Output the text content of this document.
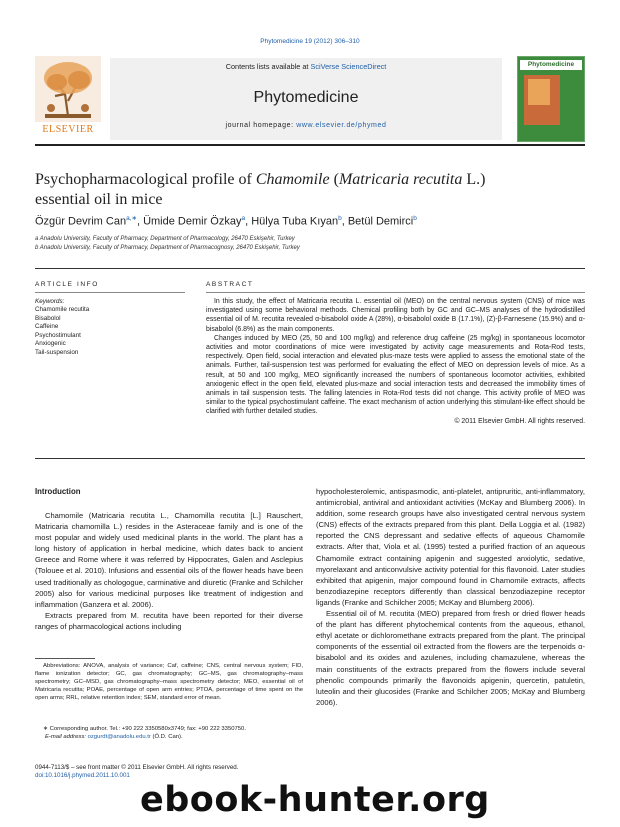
Phytomedicine 19 (2012) 306–310
Contents lists available at SciVerse ScienceDirect
Phytomedicine
journal homepage: www.elsevier.de/phymed
ELSEVIER
Phytomedicine
Psychopharmacological profile of Chamomile (Matricaria recutita L.)
essential oil in mice
Özgür Devrim Can$^{a,∗}$, Ümide Demir Özkay$^a$, Hülya Tuba Kıyan$^b$, Betül Demirci$^b$
a Anadolu University, Faculty of Pharmacy, Department of Pharmacology, 26470 Eskişehir, Turkey
b Anadolu University, Faculty of Pharmacy, Department of Pharmacognosy, 26470 Eskişehir, Turkey
ARTICLE INFO
Keywords:
Chamomile recutita
Bisabolol
Caffeine
Psychostimulant
Anxiogenic
Tail-suspension
ABSTRACT

In this study, the effect of Matricaria recutita L. essential oil (MEO) on the central nervous system (CNS) of mice was investigated using some behavioral methods. Chemical profiling both by GC and GC–MS analyses of the hydrodistilled essential oil of M. recutita revealed α-bisabolol oxide A (28%), α-bisabolol oxide B (17.1%), (Z)-β-Farnesene (15.9%) and α-bisabolol (6.8%) as the main components.

Changes induced by MEO (25, 50 and 100 mg/kg) and reference drug caffeine (25 mg/kg) in spontaneous locomotor activities and motor coordinations of mice were investigated by activity cage measurements and Rota-Rod tests, respectively. Open field, social interaction and elevated plus-maze tests were applied to assess the emotional state of the animals. Further, tail-suspension test was performed for evaluating the effect of MEO on depression levels of mice. As a result, at 50 and 100 mg/kg, MEO significantly increased the numbers of spontaneous locomotor activities, exhibited anxiogenic effect in the open field, elevated plus-maze and social interaction tests and decreased the immobility times of animals in tail suspension tests. The falling latencies in Rota-Rod tests did not change. This activity profile of MEO was similar to the typical psychostimulant caffeine. The exact mechanism of action underlying this stimulant-like effect should be clarified with further detailed studies.

© 2011 Elsevier GmbH. All rights reserved.
Introduction

Chamomile (Matricaria recutita L., Chamomilla recutita [L.] Rauschert, Matricaria chamomilla L.) resides in the Asteraceae family and is one of the most popular and widely used medicinal plants in the world. The plant has a long history of application in herbal medicine, which dates back to ancient Greece and Rome where it was referred by Hippocrates, Galen and Asclepius (Tolouee et al. 2010). Infusions and essential oils of the flower heads have been used traditionally as chologogue, carminative and diuretic (Franke and Schilcher 2005) also for various medicinal purposes like treatment of indigestion and inflammation (Ganzera et al. 2006).

Extracts prepared from M. recutita have been reported for their diverse ranges of pharmacological actions including

hypocholesterolemic, antispasmodic, anti-platelet, antipruritic, anti-inflammatory, antimicrobial, antiviral and antioxidant activities (McKay and Blumberg 2006). In addition, some research groups have also investigated central nervous system (CNS) effects of the extracts prepared from this plant. Della Loggia et al. (1982) reported the CNS depressant and sedative effects of aqueous Chamomile extracts. After that, Viola et al. (1995) tested a purified fraction of an aqueous Chamomile extract containing apigenin and suggested anxiolytic, sedative, myorelaxant and anticonvulsive activity potential for this flavonoid. Later studies exhibited that apigenin, major compound found in Chamomile extracts, affects benzodiazepine receptors differently than classical benzodiazepine receptor ligands (Franke and Schilcher 2005; McKay and Blumberg 2006).

Essential oil of M. recutita (MEO) prepared from fresh or dried flower heads of the plant has different phytochemical contents from the aqueous, ethanol, ethyl acetate or dichloromethane extracts prepared from the plant. The principal components of the essential oil extracted from the flowers are the terpenoids α-bisabolol and its oxides and azulenes, including chamazulene, whereas the main constituents of the extracts prepared from the flowers include several phenolic compounds primarily the flavonoids apigenin, quercetin, patuletin, luteolin and their glucosides (Franke and Schilcher 2005; McKay and Blumberg 2006).

Abbreviations: ANOVA, analysis of variance; Caf, caffeine; CNS, central nervous system; FID, flame ionization detector; GC, gas chromatography; GC–MS, gas chromatography–mass spectrometry; GC–MSD, gas chromatography–mass spectrometry detector; MEO, essential oil of Matricaria recutita; POAE, percentage of open arm entries; PTOA, percentage of time spent on the open arms; RRL, relative retention index; SEM, standard error of mean.

∗ Corresponding author. Tel.: +90 222 3350580x3749; fax: +90 222 3350750.
E-mail address: ozgurdt@anadolu.edu.tr (Ö.D. Can).
0944-7113/$ – see front matter © 2011 Elsevier GmbH. All rights reserved.
doi:10.1016/j.phymed.2011.10.001
ebook-hunter.org
